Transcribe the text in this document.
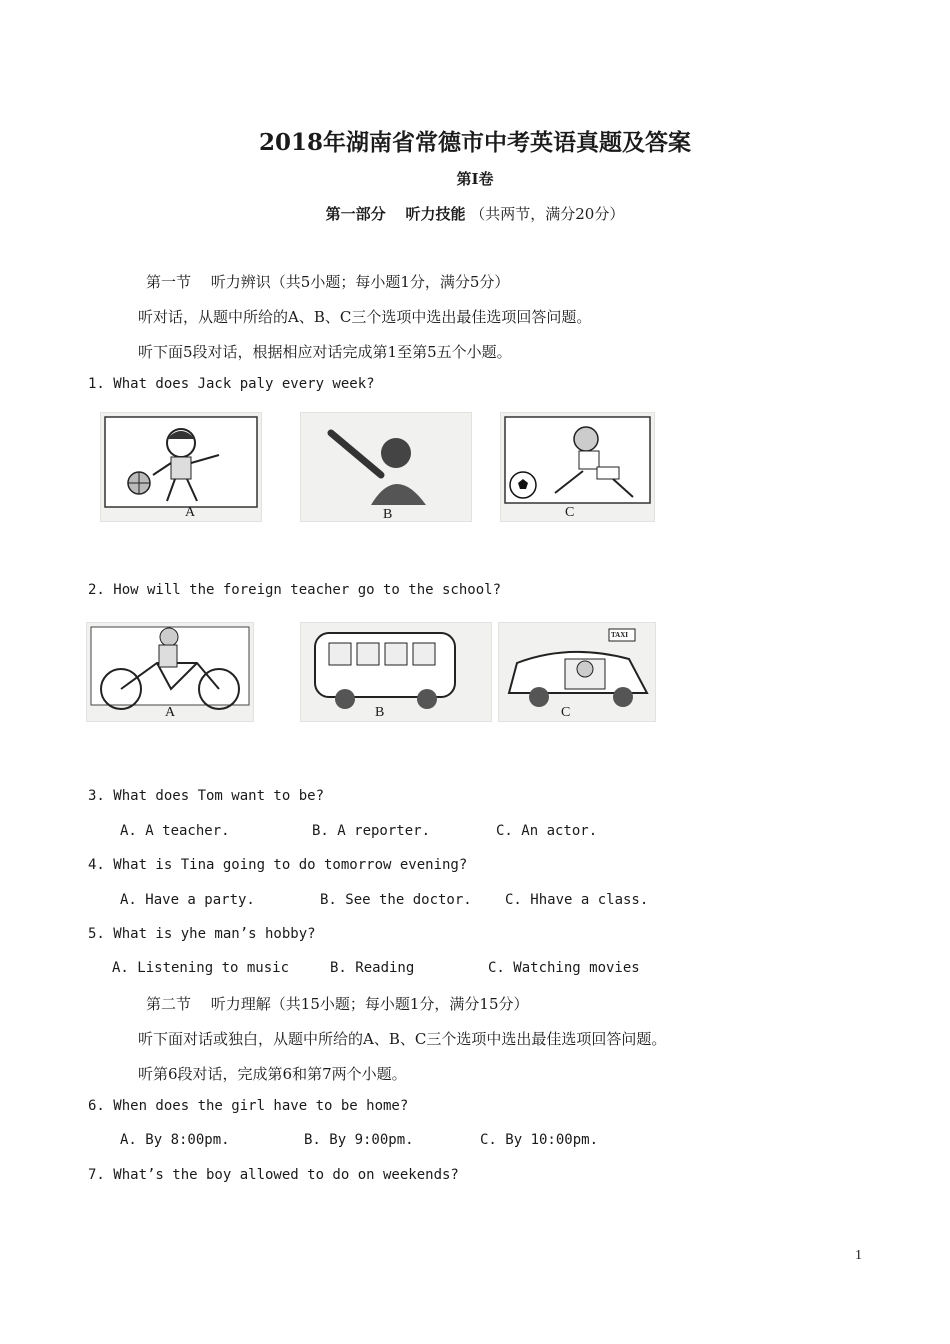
2018年湖南省常德市中考英语真题及答案
第I卷
第一部分　 听力技能 （共两节，满分20分）
第一节　 听力辨识（共5小题；每小题1分，满分5分）
听对话，从题中所给的A、B、C三个选项中选出最佳选项回答问题。
听下面5段对话，根据相应对话完成第1至第5五个小题。
1. What does Jack paly every week?
A	B	C
2. How will the foreign teacher go to the school?
A	B
TAXI
C
3. What does Tom want to be?
A. A teacher.	B. A reporter.	C. An actor.
4. What is Tina going to do tomorrow evening?
A. Have a party.	B. See the doctor. C. Hhave a class.
5. What is yhe man’s hobby?
A. Listening to music	B. Reading	C. Watching movies
第二节　 听力理解（共15小题；每小题1分，满分15分）
听下面对话或独白，从题中所给的A、B、C三个选项中选出最佳选项回答问题。
听第6段对话，完成第6和第7两个小题。
6. When does the girl have to be home?
A. By 8:00pm.	B. By 9:00pm.	C. By 10:00pm.
7. What’s the boy allowed to do on weekends?
1
